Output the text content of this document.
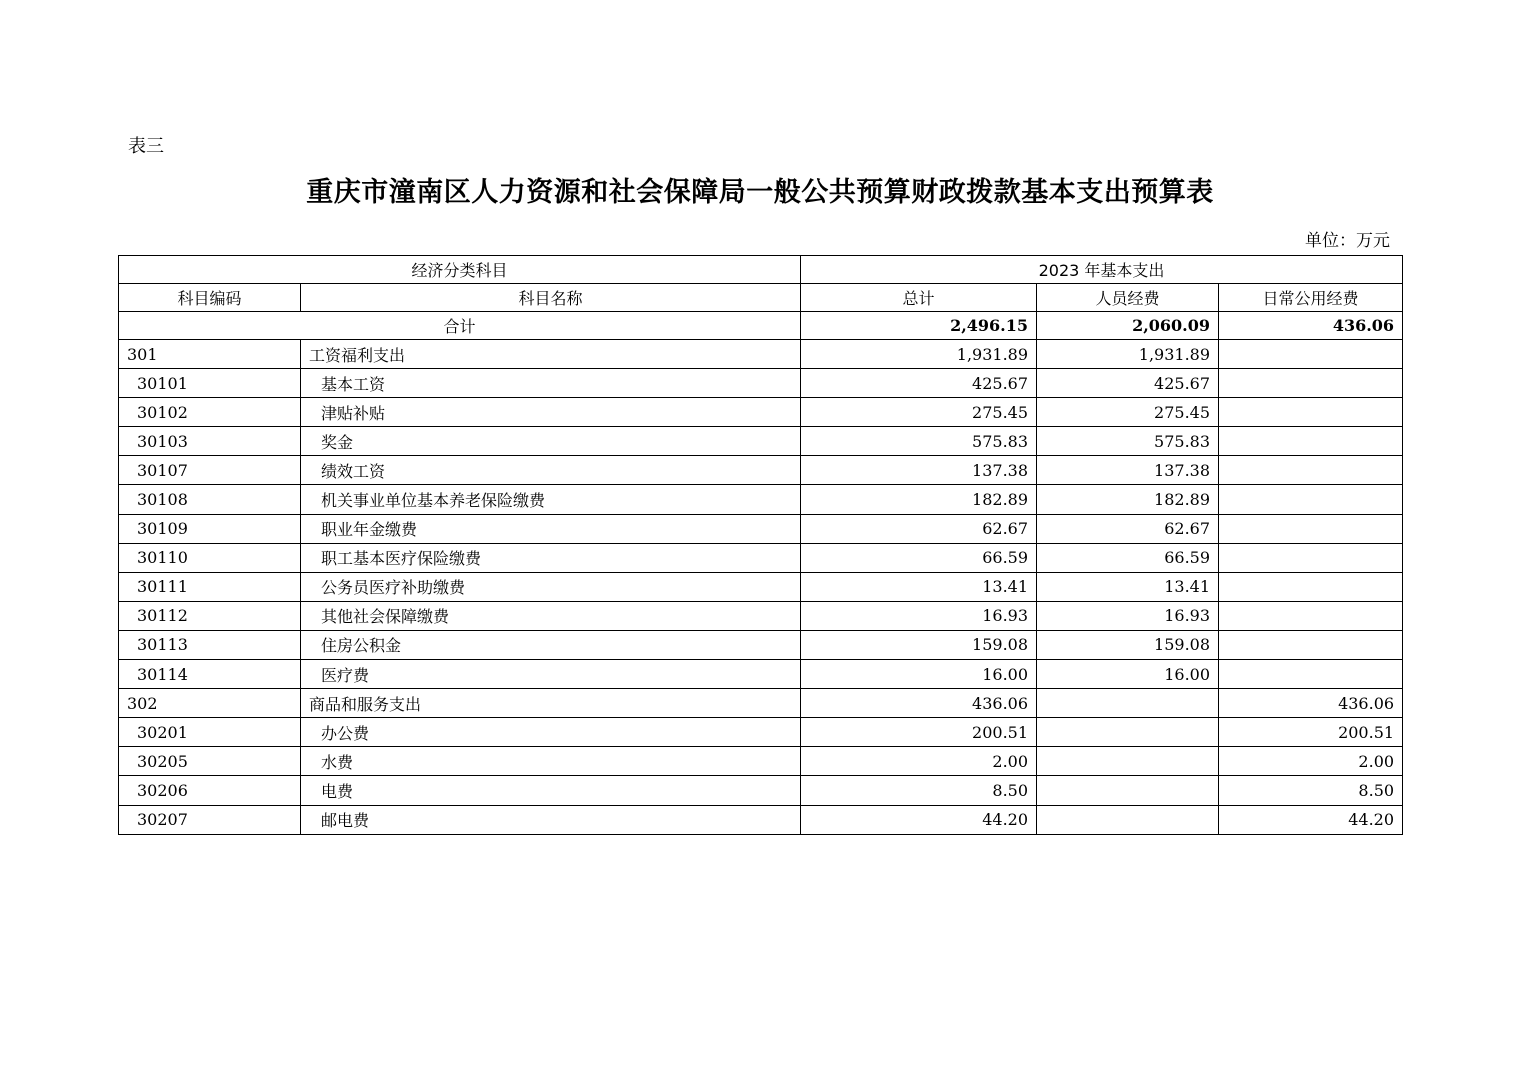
表三
重庆市潼南区人力资源和社会保障局一般公共预算财政拨款基本支出预算表
单位：万元
经济分类科目		2023 年基本支出		
科目编码	科目名称	总计	人员经费	日常公用经费
合计		2,496.15	2,060.09	436.06
301	工资福利支出	1,931.89	1,931.89	
30101	基本工资	425.67	425.67	
30102	津贴补贴	275.45	275.45	
30103	奖金	575.83	575.83	
30107	绩效工资	137.38	137.38	
30108	机关事业单位基本养老保险缴费	182.89	182.89	
30109	职业年金缴费	62.67	62.67	
30110	职工基本医疗保险缴费	66.59	66.59	
30111	公务员医疗补助缴费	13.41	13.41	
30112	其他社会保障缴费	16.93	16.93	
30113	住房公积金	159.08	159.08	
30114	医疗费	16.00	16.00	
302	商品和服务支出	436.06		436.06
30201	办公费	200.51		200.51
30205	水费	2.00		2.00
30206	电费	8.50		8.50
30207	邮电费	44.20		44.20
